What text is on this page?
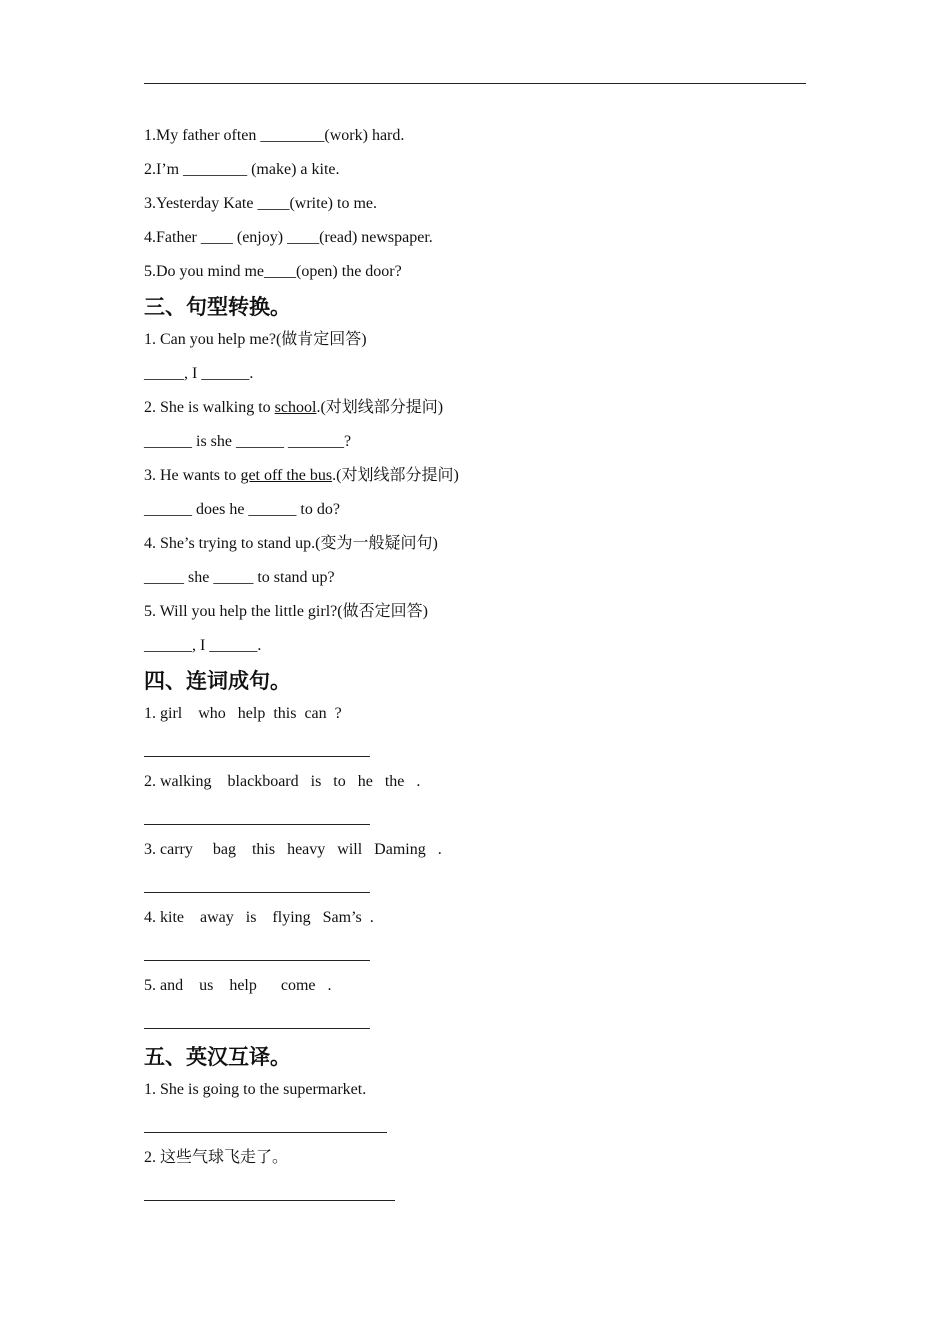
1.My father often ________(work) hard.
2.I’m ________ (make) a kite.
3.Yesterday Kate ____(write) to me.
4.Father ____ (enjoy) ____(read) newspaper.
5.Do you mind me____(open) the door?
三、句型转换。
1. Can you help me?(做肯定回答)
_____, I ______.
2. She is walking to school.(对划线部分提问)
______ is she ______ _______?
3. He wants to get off the bus.(对划线部分提问)
______ does he ______ to do?
4. She’s trying to stand up.(变为一般疑问句)
_____ she _____ to stand up?
5. Will you help the little girl?(做否定回答)
______, I ______.
四、连词成句。
1. girl    who   help  this  can  ?
2. walking    blackboard   is   to   he   the   .
3. carry     bag    this   heavy   will   Daming   .
4. kite    away   is    flying   Sam’s  .
5. and    us    help      come   .
五、英汉互译。
1. She is going to the supermarket.
2. 这些气球飞走了。
